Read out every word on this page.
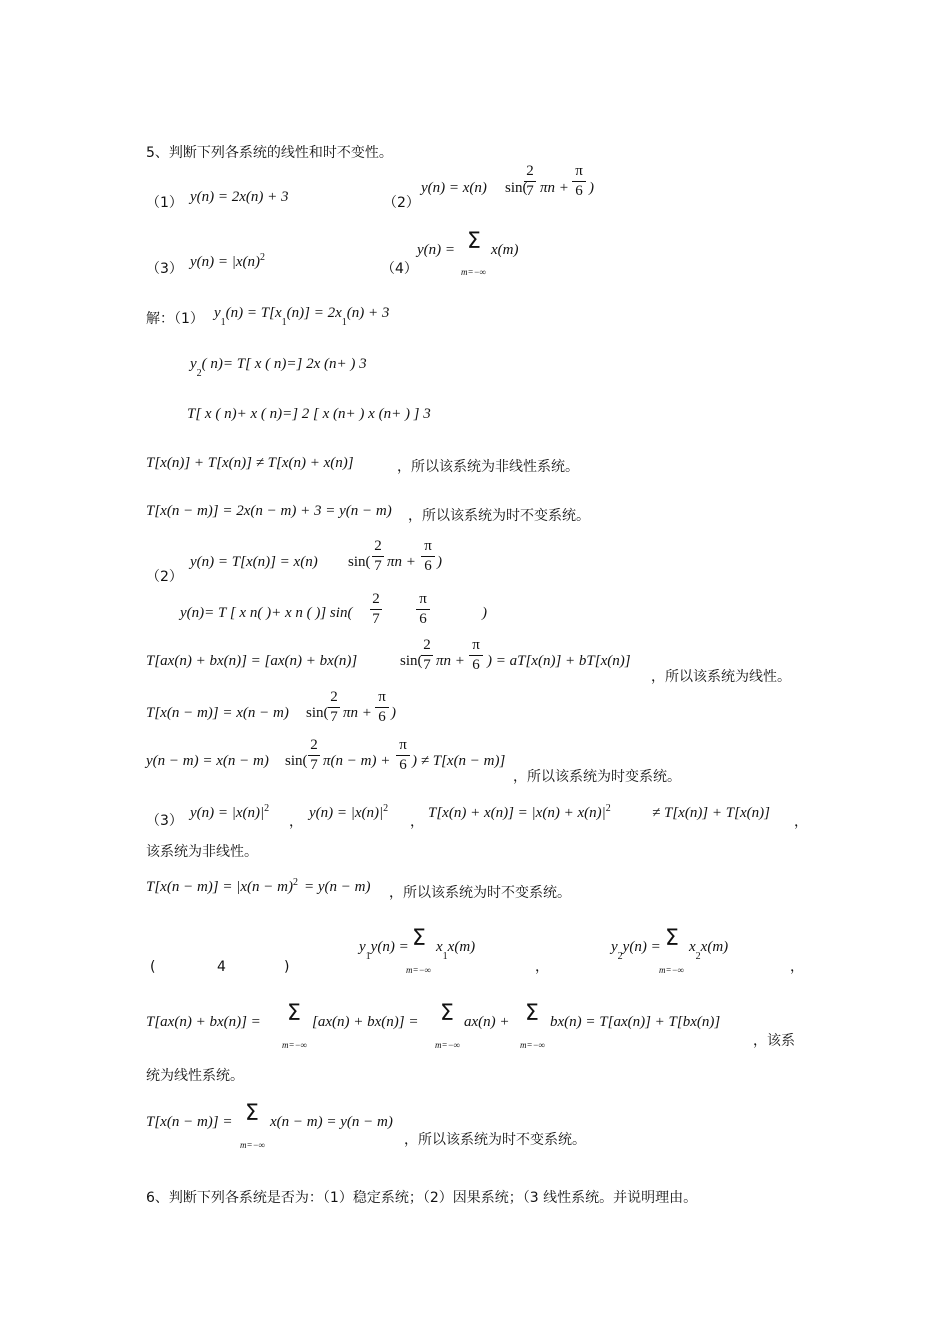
5、判断下列各系统的线性和时不变性。
（1） y(n) = 2x(n) + 3	（2）
y(n) = x(n) sin(
$\frac{2}{7}$ $\pi n + \frac{\pi}{6}$ )
（3） $y(n) = |x(n)^2$
（4）
y(n) = Σ
m=−∞
x(m)
解：（1） $y_1(n) = T[x_1(n)] = 2x_1(n) + 3$
$y_2$( n)= T[ x ( n)=] 2x (n+ ) 3
T[ x ( n)+ x ( n)=] 2 [ x (n+ ) x (n+ ) ] 3
T[x(n)] + T[x(n)] ≠ T[x(n) + x(n)]	，所以该系统为非线性系统。
T[x(n − m)] = 2x(n − m) + 3 = y(n − m) ，所以该系统为时不变系统。
（2）
y(n) = T[x(n)] = x(n) $\sin( \frac{2}{7}$ $\pi n + \frac{\pi}{6}$ )
y(n)= T [ x n( )+ x n ( )] $\sin( \frac{2}{7} \frac{\pi}{6}$	)
T[ax(n) + bx(n)] = [ax(n) + bx(n)]	sin(
$\frac{2}{7}$ $\pi n + \frac{\pi}{6}$ ) = aT[x(n)] + bT[x(n)]
，所以该系统为线性。
T[x(n − m)] = x(n − m) $\sin( \frac{2}{7}$ $\pi n + \frac{\pi}{6}$ )
y(n − m) = x(n − m) $\sin( \frac{2}{7} \pi(n - m) + \frac{\pi}{6}$ ) ≠ T[x(n − m)]
，所以该系统为时变系统。
（3） $y(n) = |x(n)|^2$
，
$y(n) = |x(n)|^2$
，
$T[x(n) + x(n)] = |x(n) + x(n)|^2$	≠ T[x(n)] + T[x(n)]
，
该系统为非线性。
$T[x(n - m)] = |x(n - m)^2 = y(n - m)$ ，所以该系统为时不变系统。
(	4	)
$y_1y(n) = \Sigma$
m=−∞
$x_1x(m)$
，
$y_2y(n) = \Sigma$
m=−∞
$x_2x(m)$
，
T[ax(n) + bx(n)] = Σ
m=−∞
[ax(n) + bx(n)] = Σ
m=−∞
ax(n) + Σ
m=−∞
bx(n) = T[ax(n)] + T[bx(n)]
，该系
统为线性系统。
T[x(n − m)] = Σ
m=−∞
x(n − m) = y(n − m)
，所以该系统为时不变系统。
6、判断下列各系统是否为：（1）稳定系统；（2）因果系统；（3 线性系统。并说明理由。
